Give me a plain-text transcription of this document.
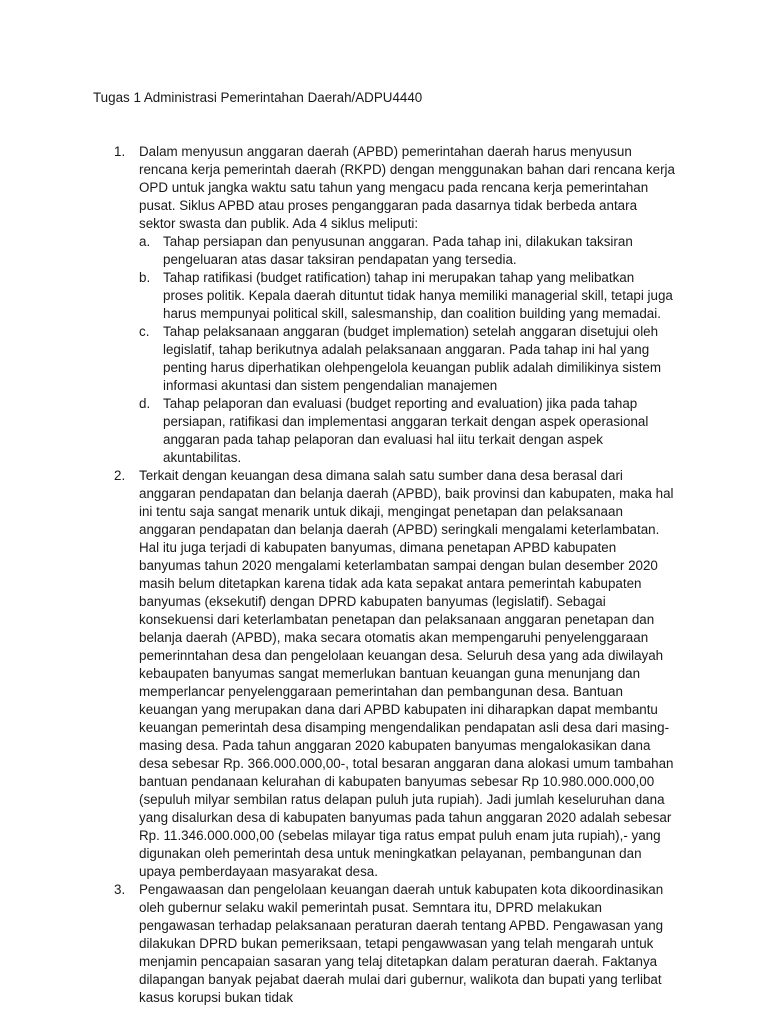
Tugas 1 Administrasi Pemerintahan Daerah/ADPU4440
1. Dalam menyusun anggaran daerah (APBD) pemerintahan daerah harus menyusun rencana kerja pemerintah daerah (RKPD) dengan menggunakan bahan dari rencana kerja OPD untuk jangka waktu satu tahun yang mengacu pada rencana kerja pemerintahan pusat. Siklus APBD atau proses penganggaran pada dasarnya tidak berbeda antara sektor swasta dan publik. Ada 4 siklus meliputi:
a. Tahap persiapan dan penyusunan anggaran. Pada tahap ini, dilakukan taksiran pengeluaran atas dasar taksiran pendapatan yang tersedia.
b. Tahap ratifikasi (budget ratification) tahap ini merupakan tahap yang melibatkan proses politik. Kepala daerah dituntut tidak hanya memiliki managerial skill, tetapi juga harus mempunyai political skill, salesmanship, dan coalition building yang memadai.
c. Tahap pelaksanaan anggaran (budget implemation) setelah anggaran disetujui oleh legislatif, tahap berikutnya adalah pelaksanaan anggaran. Pada tahap ini hal yang penting harus diperhatikan olehpengelola keuangan publik adalah dimilikinya sistem informasi akuntasi dan sistem pengendalian manajemen
d. Tahap pelaporan dan evaluasi (budget reporting and evaluation) jika pada tahap persiapan, ratifikasi dan implementasi anggaran terkait dengan aspek operasional anggaran pada tahap pelaporan dan evaluasi hal iitu terkait dengan aspek akuntabilitas.
2. Terkait dengan keuangan desa dimana salah satu sumber dana desa berasal dari anggaran pendapatan dan belanja daerah (APBD), baik provinsi dan kabupaten, maka hal ini tentu saja sangat menarik untuk dikaji, mengingat penetapan dan pelaksanaan anggaran pendapatan dan belanja daerah (APBD) seringkali mengalami keterlambatan. Hal itu juga terjadi di kabupaten banyumas, dimana penetapan APBD kabupaten banyumas tahun 2020 mengalami keterlambatan sampai dengan bulan desember 2020 masih belum ditetapkan karena tidak ada kata sepakat antara pemerintah kabupaten banyumas (eksekutif) dengan DPRD kabupaten banyumas (legislatif). Sebagai konsekuensi dari keterlambatan penetapan dan pelaksanaan anggaran penetapan dan belanja daerah (APBD), maka secara otomatis akan mempengaruhi penyelenggaraan pemerinntahan desa dan pengelolaan keuangan desa. Seluruh desa yang ada diwilayah kebaupaten banyumas sangat memerlukan bantuan keuangan guna menunjang dan memperlancar penyelenggaraan pemerintahan dan pembangunan desa. Bantuan keuangan yang merupakan dana dari APBD kabupaten ini diharapkan dapat membantu keuangan pemerintah desa disamping mengendalikan pendapatan asli desa dari masing-masing desa. Pada tahun anggaran 2020 kabupaten banyumas mengalokasikan dana desa sebesar Rp. 366.000.000,00-, total besaran anggaran dana alokasi umum tambahan bantuan pendanaan kelurahan di kabupaten banyumas sebesar Rp 10.980.000.000,00 (sepuluh milyar sembilan ratus delapan puluh juta rupiah). Jadi jumlah keseluruhan dana yang disalurkan desa di kabupaten banyumas pada tahun anggaran 2020 adalah sebesar Rp. 11.346.000.000,00 (sebelas milayar tiga ratus empat puluh enam juta rupiah),- yang digunakan oleh pemerintah desa untuk meningkatkan pelayanan, pembangunan dan upaya pemberdayaan masyarakat desa.
3. Pengawaasan dan pengelolaan keuangan daerah untuk kabupaten kota dikoordinasikan oleh gubernur selaku wakil pemerintah pusat. Semntara itu, DPRD melakukan pengawasan terhadap pelaksanaan peraturan daerah tentang APBD. Pengawasan yang dilakukan DPRD bukan pemeriksaan, tetapi pengawwasan yang telah mengarah untuk menjamin pencapaian sasaran yang telaj ditetapkan dalam peraturan daerah. Faktanya dilapangan banyak pejabat daerah mulai dari gubernur, walikota dan bupati yang terlibat kasus korupsi bukan tidak
